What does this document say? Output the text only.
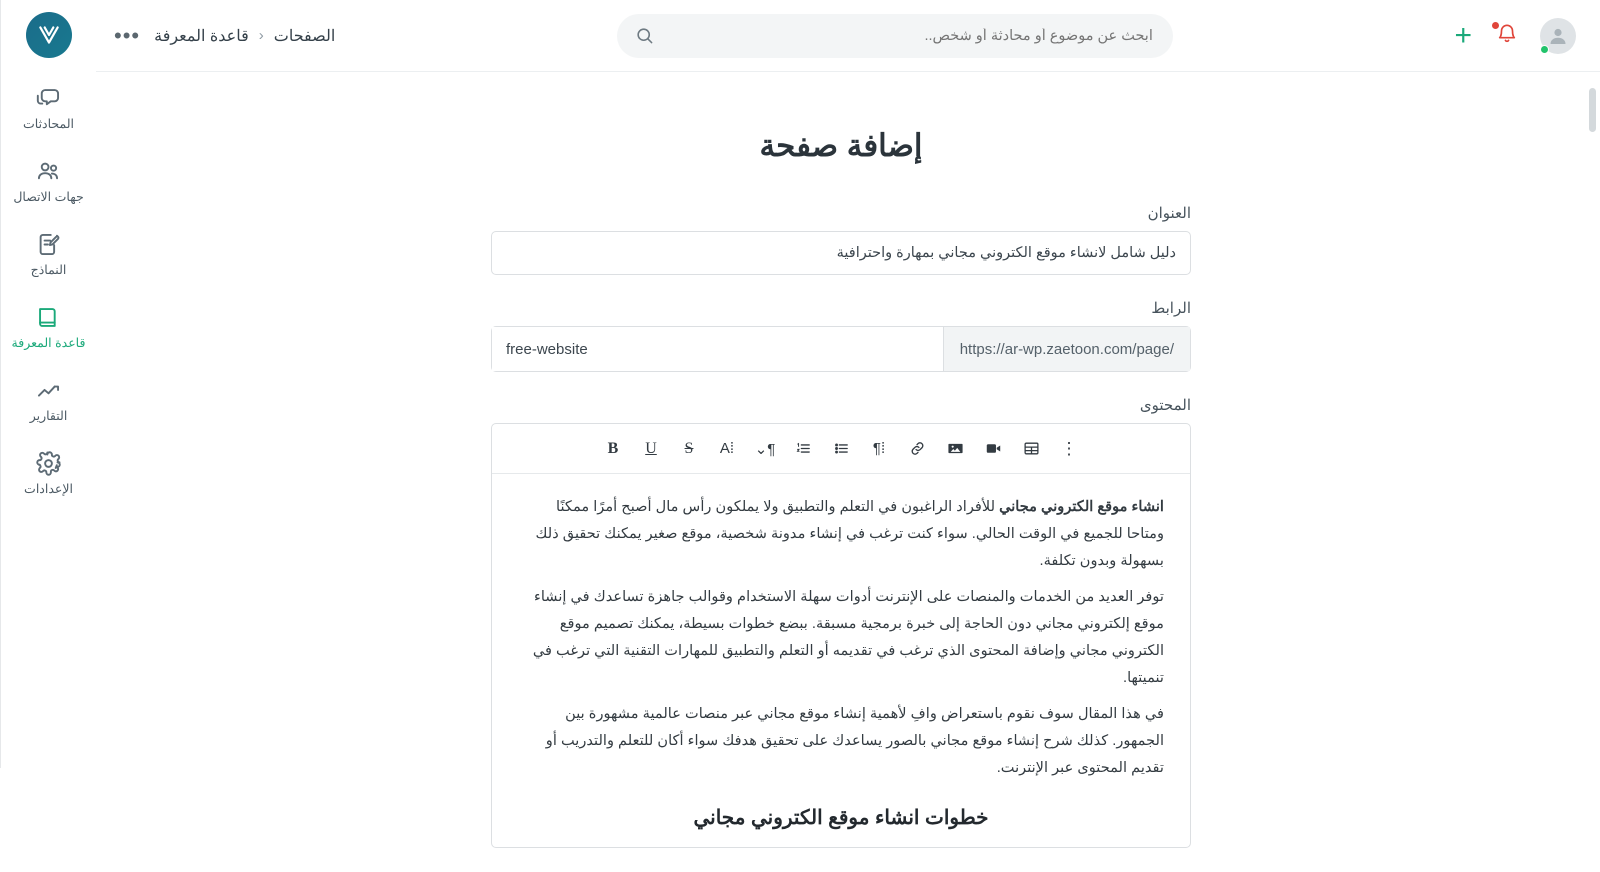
المحادثات
جهات الاتصال
النماذج
قاعدة المعرفة
التقارير
الإعدادات
••• قاعدة المعرفة ‹ الصفحات
ابحث عن موضوع أو محادثة أو شخص..	+
إضافة صفحة
العنوان
دليل شامل لانشاء موقع الكتروني مجاني بمهارة واحترافية
الرابط
https://ar-wp.zaetoon.com/page/
free-website
المحتوى
⋮
⁞¶
¶⌄
⁞A
S
U
B

انشاء موقع الكتروني مجاني للأفراد الراغبون في التعلم والتطبيق ولا يملكون رأس مال أصبح أمرًا ممكنًا ومتاحا للجميع في الوقت الحالي. سواء كنت ترغب في إنشاء مدونة شخصية، موقع صغير يمكنك تحقيق ذلك بسهولة وبدون تكلفة.

توفر العديد من الخدمات والمنصات على الإنترنت أدوات سهلة الاستخدام وقوالب جاهزة تساعدك في إنشاء موقع إلكتروني مجاني دون الحاجة إلى خبرة برمجية مسبقة. ببضع خطوات بسيطة، يمكنك تصميم موقع الكتروني مجاني وإضافة المحتوى الذي ترغب في تقديمه أو التعلم والتطبيق للمهارات التقنية التي ترغب في تنميتها.

في هذا المقال سوف نقوم باستعراض وافِ لأهمية إنشاء موقع مجاني عبر منصات عالمية مشهورة بين الجمهور. كذلك شرح إنشاء موقع مجاني بالصور يساعدك على تحقيق هدفك سواء أكان للتعلم والتدريب أو تقديم المحتوى عبر الإنترنت.

خطوات انشاء موقع الكتروني مجاني
